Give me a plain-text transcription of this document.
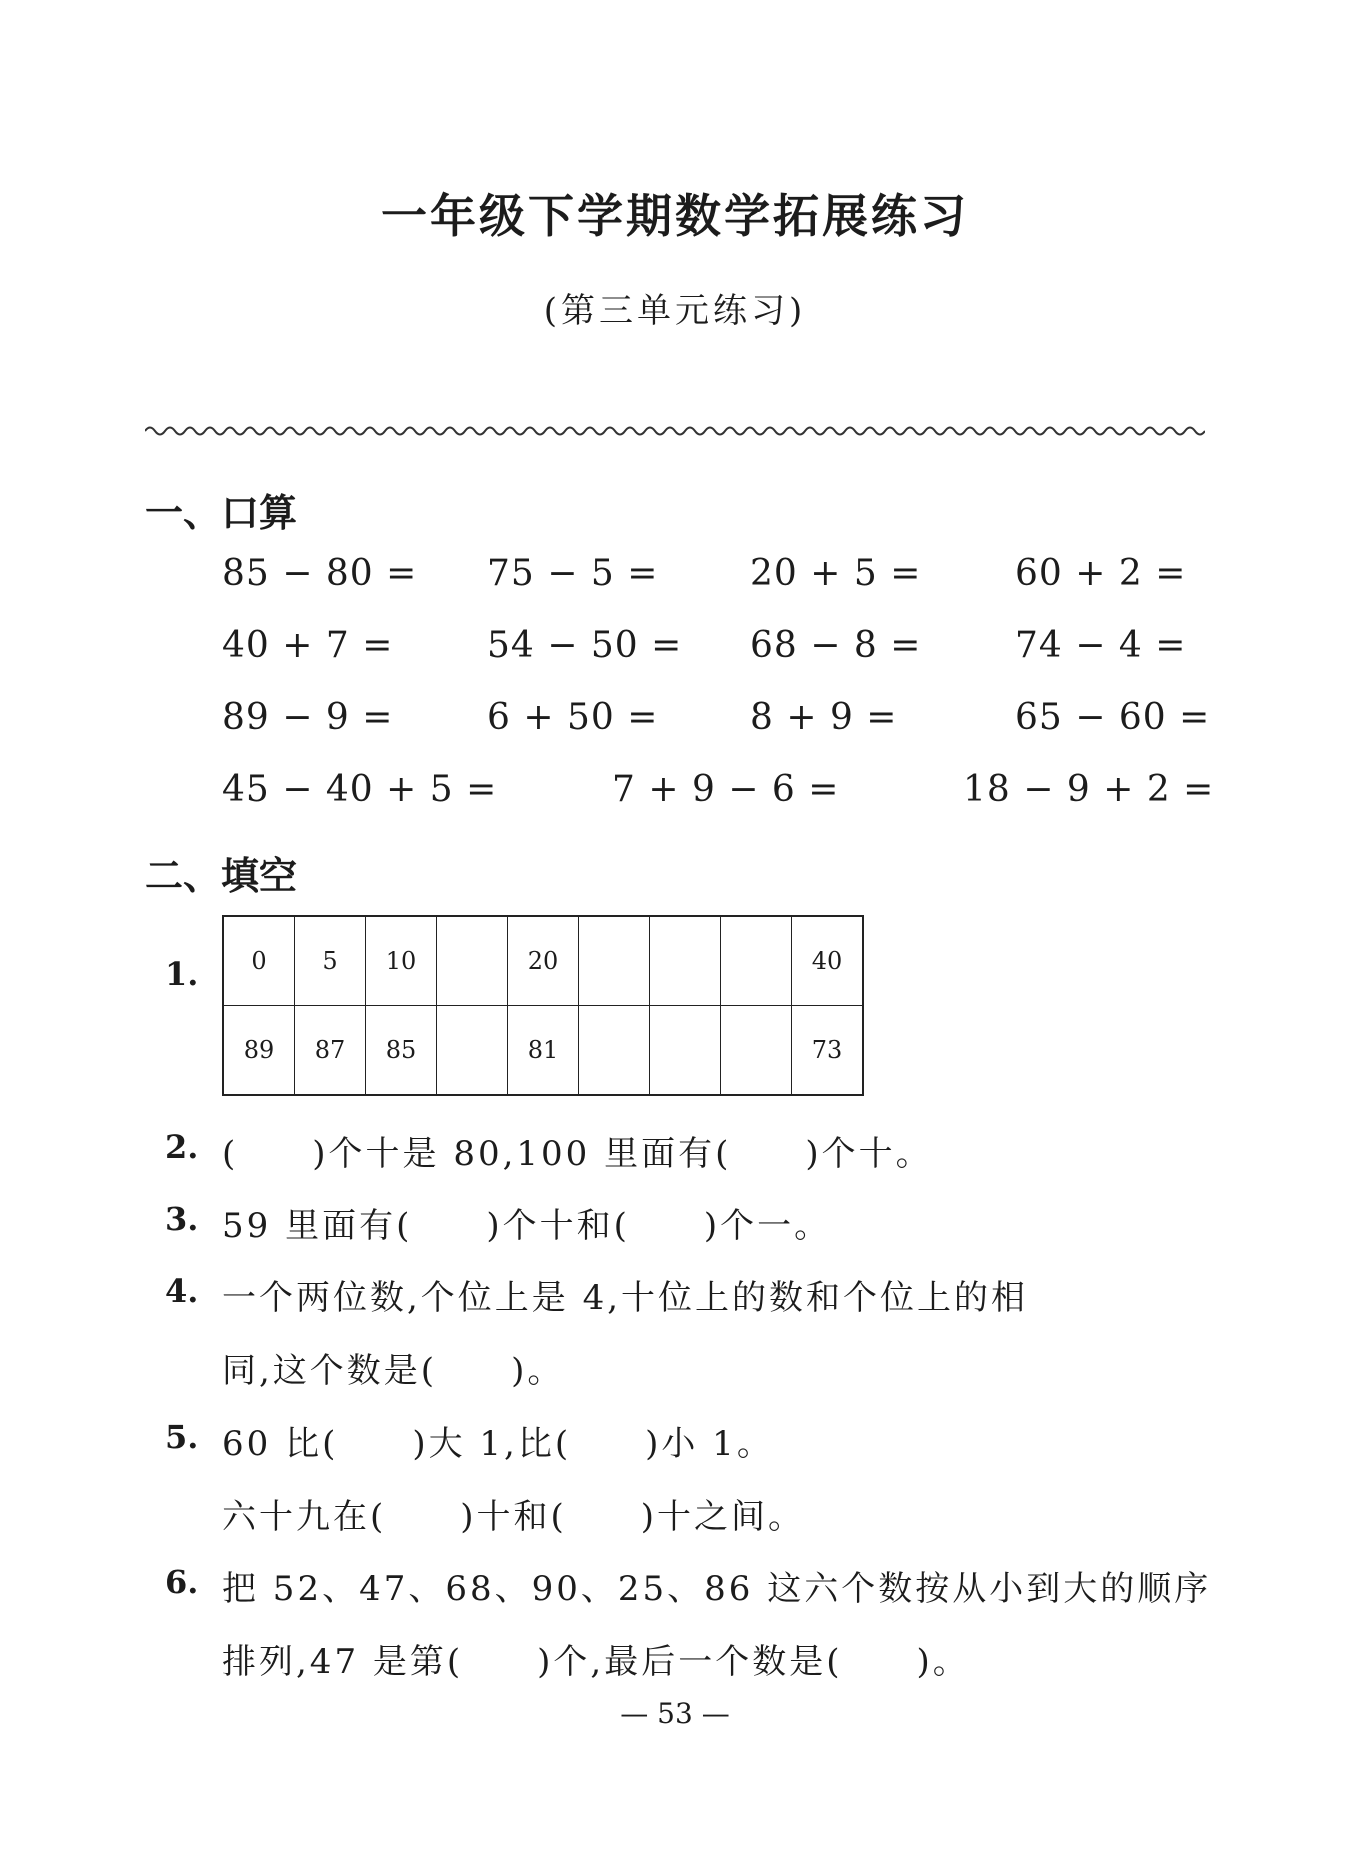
一年级下学期数学拓展练习
(第三单元练习)
一、口算
85 − 80 = 75 − 5 =	20 + 5 =	60 + 2 =
40 + 7 =	54 − 50 = 68 − 8 =	74 − 4 =
89 − 9 =	6 + 50 =	8 + 9 =	65 − 60 =
45 − 40 + 5 =	7 + 9 − 6 =	18 − 9 + 2 =
二、填空
1. 0	5	10		20				40
89	87	85		81				73
2. (　　)个十是 80,100 里面有(　　)个十。
3. 59 里面有(　　)个十和(　　)个一。
4. 一个两位数,个位上是 4,十位上的数和个位上的相
同,这个数是(　　)。
5. 60 比(　　)大 1,比(　　)小 1。
六十九在(　　)十和(　　)十之间。
6. 把 52、47、68、90、25、86 这六个数按从小到大的顺序
排列,47 是第(　　)个,最后一个数是(　　)。
— 53 —
